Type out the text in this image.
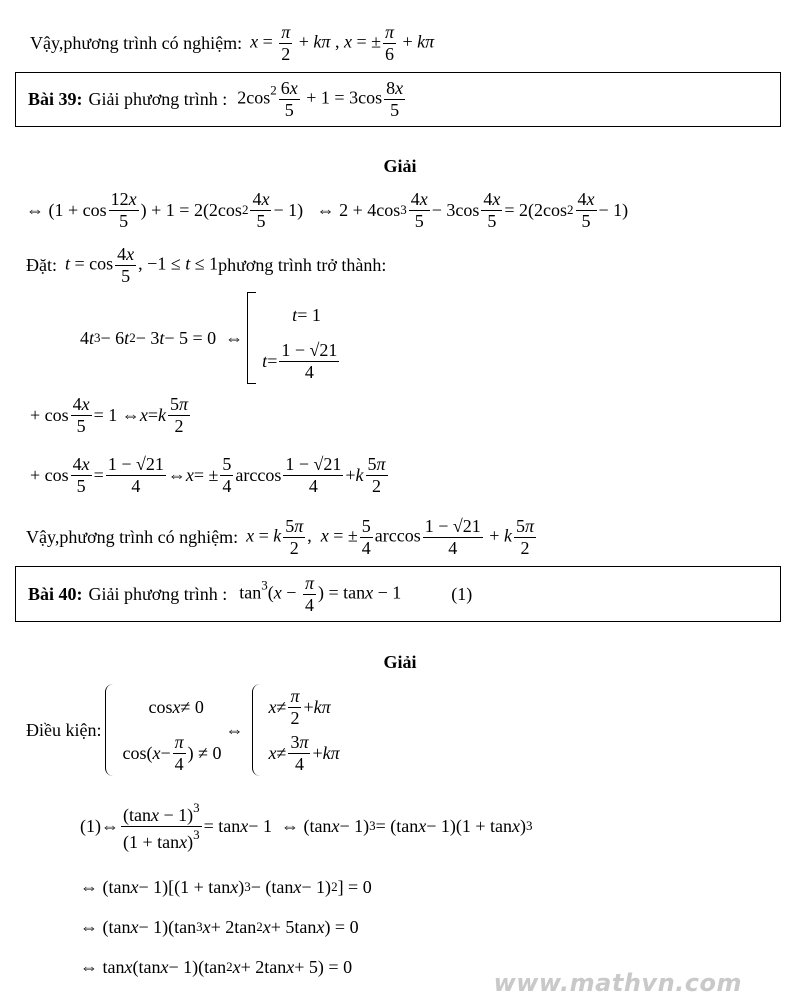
Vậy,phương trình có nghiệm: $x = \frac{\pi}{2} + k\pi$ , x = ± $\frac{\pi}{6} + k\pi$
Bài 39: Giải phương trình : $2\cos^2 \frac{6x}{5} + 1 = 3\cos \frac{8x}{5}$
Giải
⇔ ($1 + \cos \frac{12x}{5}$ ) + 1 = 2(2cos $2 \frac{4x}{5} - 1$)   ⇔ 2 + 4cos $3 \frac{4x}{5} - 3\cos \frac{4x}{5} = 2(2\cos$ $2 \frac{4x}{5} - 1$)
Đặt: $t = \cos \frac{4x}{5}$ , −1 ≤ t ≤ 1 phương trình trở thành:
4 t 3 − 6 t 2 − 3 t − 5 = 0  ⇔
t = 1
$t = \frac{1 - √21}{4}$
+ $\cos \frac{4x}{5} = 1$ ⇔ x = k $\frac{5\pi}{2}$
+ $\cos \frac{4x}{5} = \frac{1 - √21}{4}$ ⇔ x = ± $\frac{5}{4}$ $\arccos \frac{1 - √21}{4} + k \frac{5\pi}{2}$
Vậy,phương trình có nghiệm: x = k $\frac{5\pi}{2}$ ,  x = ± $\frac{5}{4}$ $\arccos \frac{1 - √21}{4} + k \frac{5\pi}{2}$
Bài 40: Giải phương trình : $\tan^3(x - \frac{\pi}{4}$ ) = tanx − 1	(1)
Giải
Điều kiện:
cos x ≠ 0
cos( $x - \frac{\pi}{4}$ ) ≠ 0
⇔
$x \ne \frac{\pi}{2} + k\pi$
$x \ne \frac{3\pi}{4} + k\pi$
(1) ⇔ $\frac{(\tan x - 1)^3}{(1 + \tan x)^3} = \tan x - 1$  ⇔ (tan x − 1) 3 = (tan x − 1)(1 + tan x ) 3
⇔ (tan x − 1)[(1 + tan x ) 3 − (tan x − 1) 2 ] = 0
⇔ (tan x − 1)(tan 3 x + 2tan 2 x + 5tan x ) = 0
⇔ tan x (tan x − 1)(tan 2 x + 2tan x + 5) = 0
www.mathvn.com
